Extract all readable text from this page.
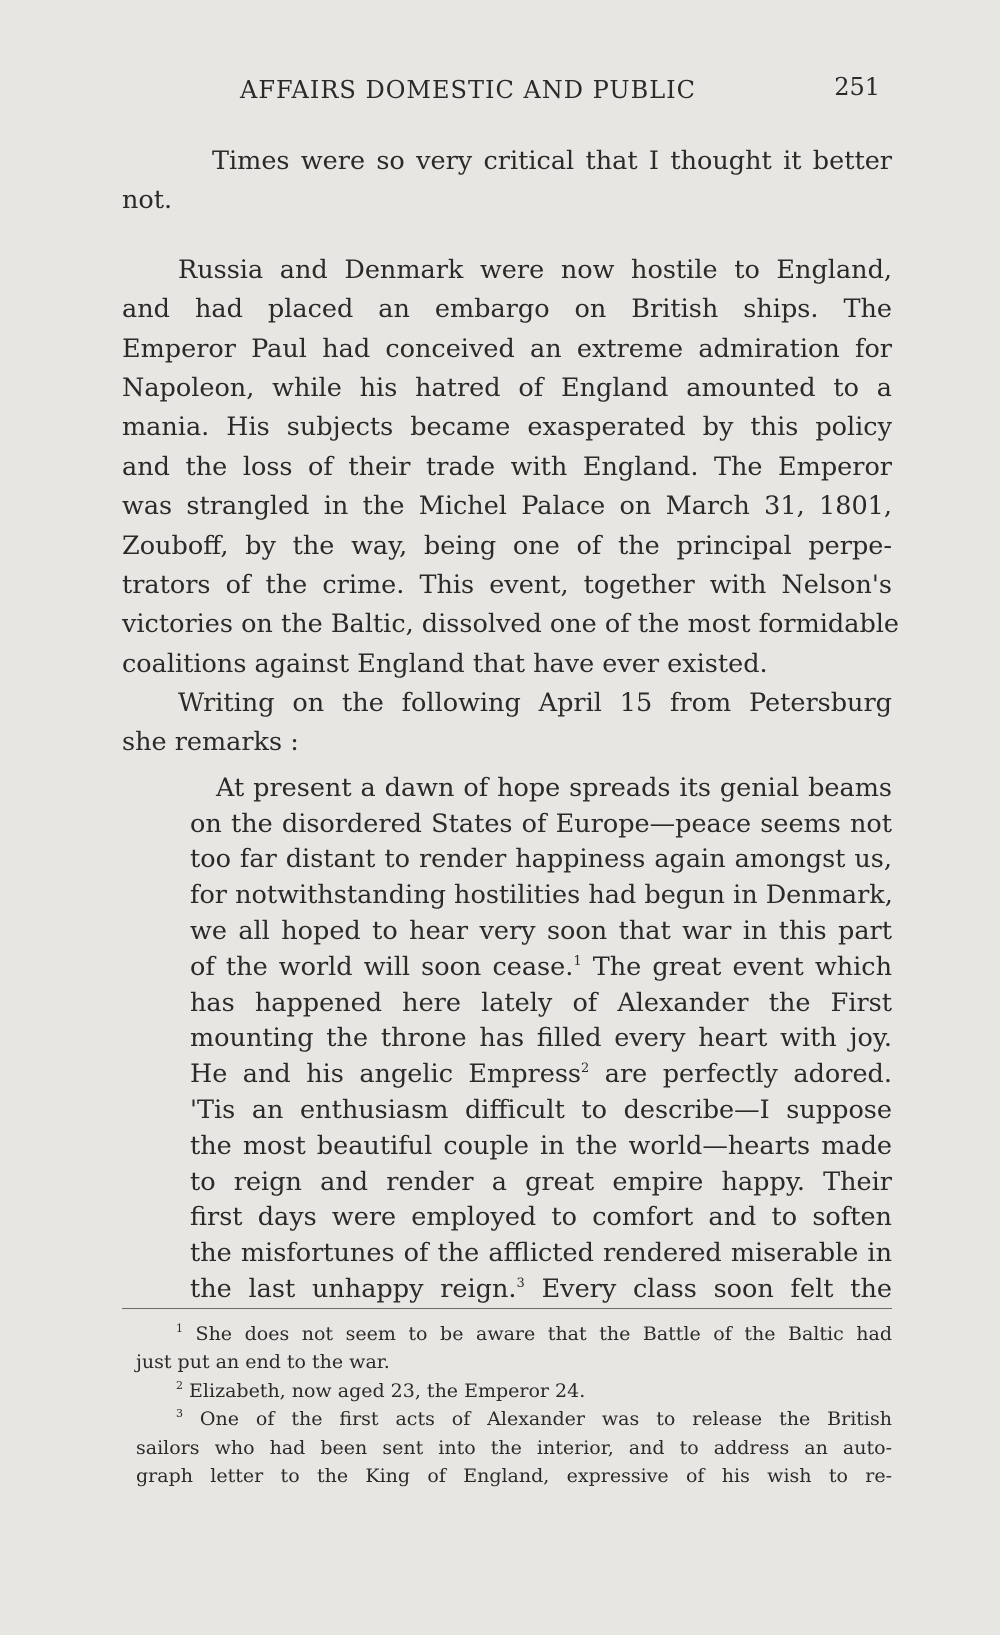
AFFAIRS DOMESTIC AND PUBLIC	251
Times were so very critical that I thought it better
not.
Russia and Denmark were now hostile to England,
and had placed an embargo on British ships. The
Emperor Paul had conceived an extreme admiration for
Napoleon, while his hatred of England amounted to a
mania. His subjects became exasperated by this policy
and the loss of their trade with England. The Emperor
was strangled in the Michel Palace on March 31, 1801,
Zouboff, by the way, being one of the principal perpe-
trators of the crime. This event, together with Nelson's
victories on the Baltic, dissolved one of the most formidable
coalitions against England that have ever existed.
Writing on the following April 15 from Petersburg
she remarks :
At present a dawn of hope spreads its genial beams
on the disordered States of Europe—peace seems not
too far distant to render happiness again amongst us,
for notwithstanding hostilities had begun in Denmark,
we all hoped to hear very soon that war in this part
of the world will soon cease.$^1$ The great event which
has happened here lately of Alexander the First
mounting the throne has filled every heart with joy.
He and his angelic Empress$^2$ are perfectly adored.
'Tis an enthusiasm difficult to describe—I suppose
the most beautiful couple in the world—hearts made
to reign and render a great empire happy. Their
first days were employed to comfort and to soften
the misfortunes of the afflicted rendered miserable in
the last unhappy reign.$^3$ Every class soon felt the
$^1$ She does not seem to be aware that the Battle of the Baltic had
just put an end to the war.
$^2$ Elizabeth, now aged 23, the Emperor 24.
$^3$ One of the first acts of Alexander was to release the British
sailors who had been sent into the interior, and to address an auto-
graph letter to the King of England, expressive of his wish to re-
